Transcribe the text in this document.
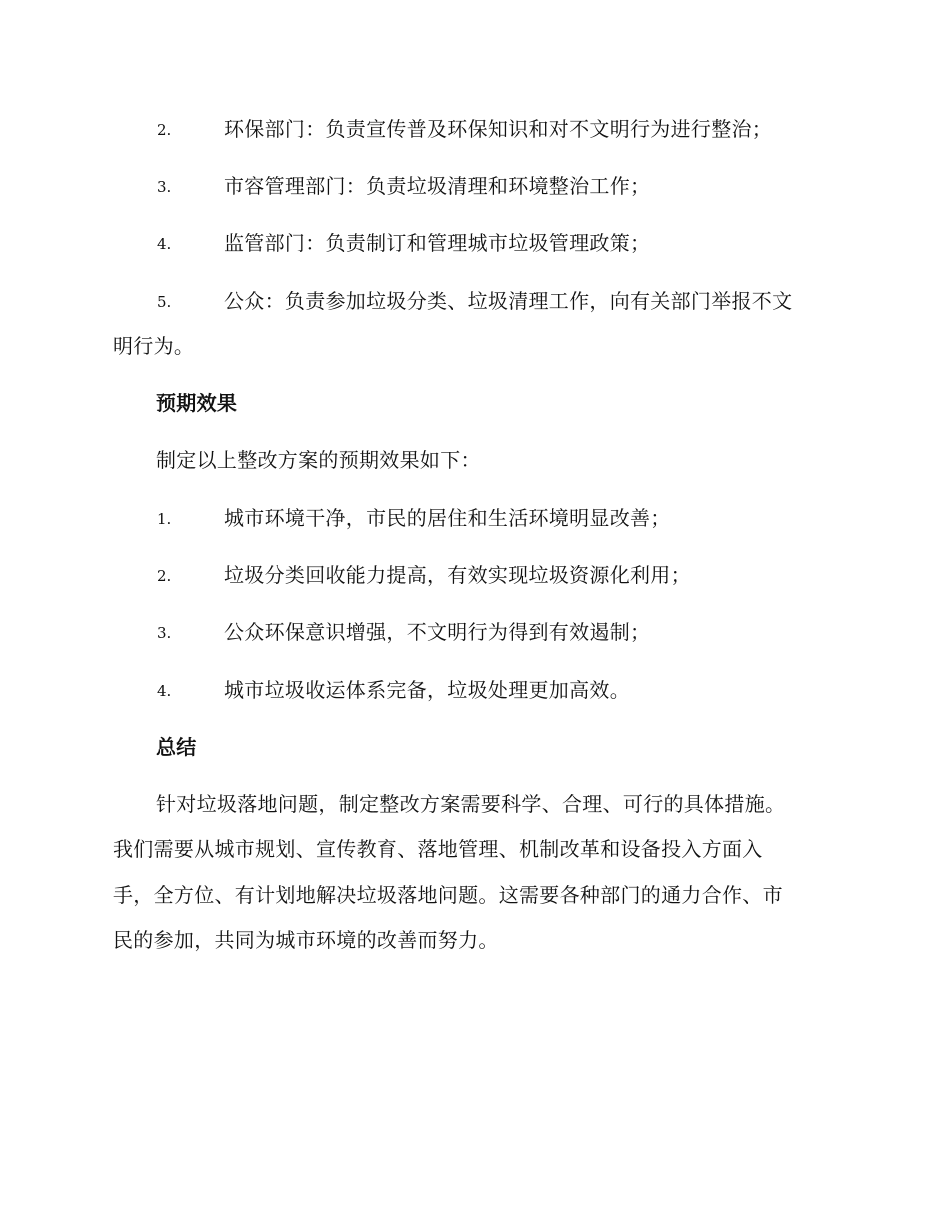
2.	环保部门：负责宣传普及环保知识和对不文明行为进行整治；
3.	市容管理部门：负责垃圾清理和环境整治工作；
4.	监管部门：负责制订和管理城市垃圾管理政策；
5.	公众：负责参加垃圾分类、垃圾清理工作，向有关部门举报不文
明行为。
预期效果
制定以上整改方案的预期效果如下：
1.	城市环境干净，市民的居住和生活环境明显改善；
2.	垃圾分类回收能力提高，有效实现垃圾资源化利用；
3.	公众环保意识增强，不文明行为得到有效遏制；
4.	城市垃圾收运体系完备，垃圾处理更加高效。
总结
针对垃圾落地问题，制定整改方案需要科学、合理、可行的具体措施。
我们需要从城市规划、宣传教育、落地管理、机制改革和设备投入方面入
手，全方位、有计划地解决垃圾落地问题。这需要各种部门的通力合作、市
民的参加，共同为城市环境的改善而努力。
